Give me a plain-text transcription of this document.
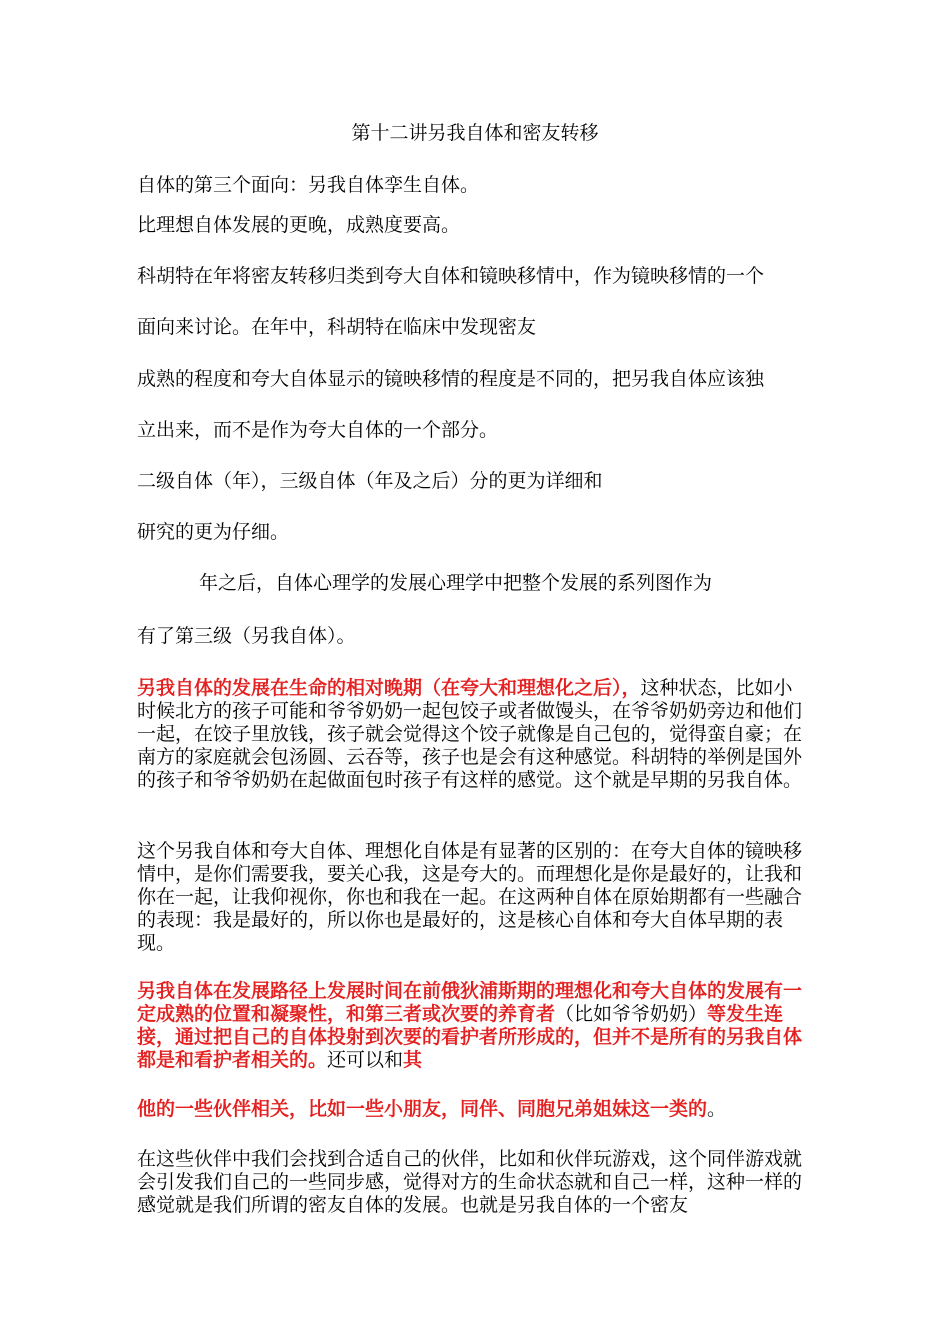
第十二讲另我自体和密友转移
自体的第三个面向：另我自体孪生自体。
比理想自体发展的更晚，成熟度要高。
科胡特在年将密友转移归类到夸大自体和镜映移情中，作为镜映移情的一个
面向来讨论。在年中，科胡特在临床中发现密友
成熟的程度和夸大自体显示的镜映移情的程度是不同的，把另我自体应该独
立出来，而不是作为夸大自体的一个部分。
二级自体（年），三级自体（年及之后）分的更为详细和
研究的更为仔细。
年之后，自体心理学的发展心理学中把整个发展的系列图作为
有了第三级（另我自体）。
另我自体的发展在生命的相对晚期（在夸大和理想化之后），这种状态，比如小时候北方的孩子可能和爷爷奶奶一起包饺子或者做馒头，在爷爷奶奶旁边和他们一起，在饺子里放钱，孩子就会觉得这个饺子就像是自己包的，觉得蛮自豪；在南方的家庭就会包汤圆、云吞等，孩子也是会有这种感觉。科胡特的举例是国外的孩子和爷爷奶奶在起做面包时孩子有这样的感觉。这个就是早期的另我自体。
这个另我自体和夸大自体、理想化自体是有显著的区别的：在夸大自体的镜映移情中，是你们需要我，要关心我，这是夸大的。而理想化是你是最好的，让我和你在一起，让我仰视你，你也和我在一起。在这两种自体在原始期都有一些融合的表现：我是最好的，所以你也是最好的，这是核心自体和夸大自体早期的表现。
另我自体在发展路径上发展时间在前俄狄浦斯期的理想化和夸大自体的发展有一定成熟的位置和凝聚性，和第三者或次要的养育者（比如爷爷奶奶）等发生连接，通过把自己的自体投射到次要的看护者所形成的，但并不是所有的另我自体都是和看护者相关的。还可以和其
他的一些伙伴相关，比如一些小朋友，同伴、同胞兄弟姐妹这一类的。
在这些伙伴中我们会找到合适自己的伙伴，比如和伙伴玩游戏，这个同伴游戏就会引发我们自己的一些同步感，觉得对方的生命状态就和自己一样，这种一样的感觉就是我们所谓的密友自体的发展。也就是另我自体的一个密友
